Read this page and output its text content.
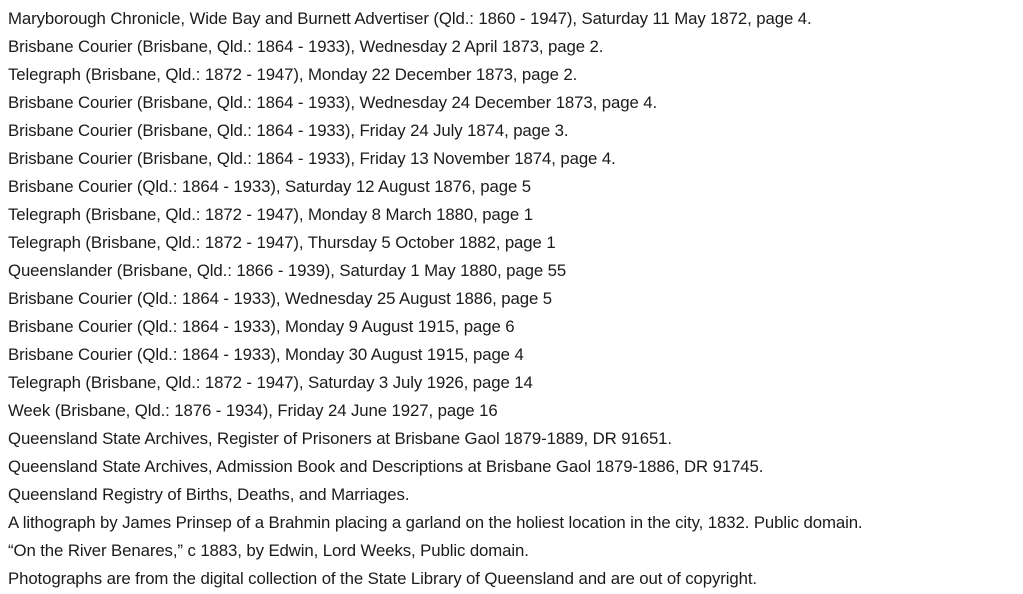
Maryborough Chronicle, Wide Bay and Burnett Advertiser (Qld.: 1860 - 1947), Saturday 11 May 1872, page 4.
Brisbane Courier (Brisbane, Qld.: 1864 - 1933), Wednesday 2 April 1873, page 2.
Telegraph (Brisbane, Qld.: 1872 - 1947), Monday 22 December 1873, page 2.
Brisbane Courier (Brisbane, Qld.: 1864 - 1933), Wednesday 24 December 1873, page 4.
Brisbane Courier (Brisbane, Qld.: 1864 - 1933), Friday 24 July 1874, page 3.
Brisbane Courier (Brisbane, Qld.: 1864 - 1933), Friday 13 November 1874, page 4.
Brisbane Courier (Qld.: 1864 - 1933), Saturday 12 August 1876, page 5
Telegraph (Brisbane, Qld.: 1872 - 1947), Monday 8 March 1880, page 1
Telegraph (Brisbane, Qld.: 1872 - 1947), Thursday 5 October 1882, page 1
Queenslander (Brisbane, Qld.: 1866 - 1939), Saturday 1 May 1880, page 55
Brisbane Courier (Qld.: 1864 - 1933), Wednesday 25 August 1886, page 5
Brisbane Courier (Qld.: 1864 - 1933), Monday 9 August 1915, page 6
Brisbane Courier (Qld.: 1864 - 1933), Monday 30 August 1915, page 4
Telegraph (Brisbane, Qld.: 1872 - 1947), Saturday 3 July 1926, page 14
Week (Brisbane, Qld.: 1876 - 1934), Friday 24 June 1927, page 16
Queensland State Archives, Register of Prisoners at Brisbane Gaol 1879-1889, DR 91651.
Queensland State Archives, Admission Book and Descriptions at Brisbane Gaol 1879-1886, DR 91745.
Queensland Registry of Births, Deaths, and Marriages.
A lithograph by James Prinsep of a Brahmin placing a garland on the holiest location in the city, 1832. Public domain.
“On the River Benares,” c 1883, by Edwin, Lord Weeks, Public domain.
Photographs are from the digital collection of the State Library of Queensland and are out of copyright.
